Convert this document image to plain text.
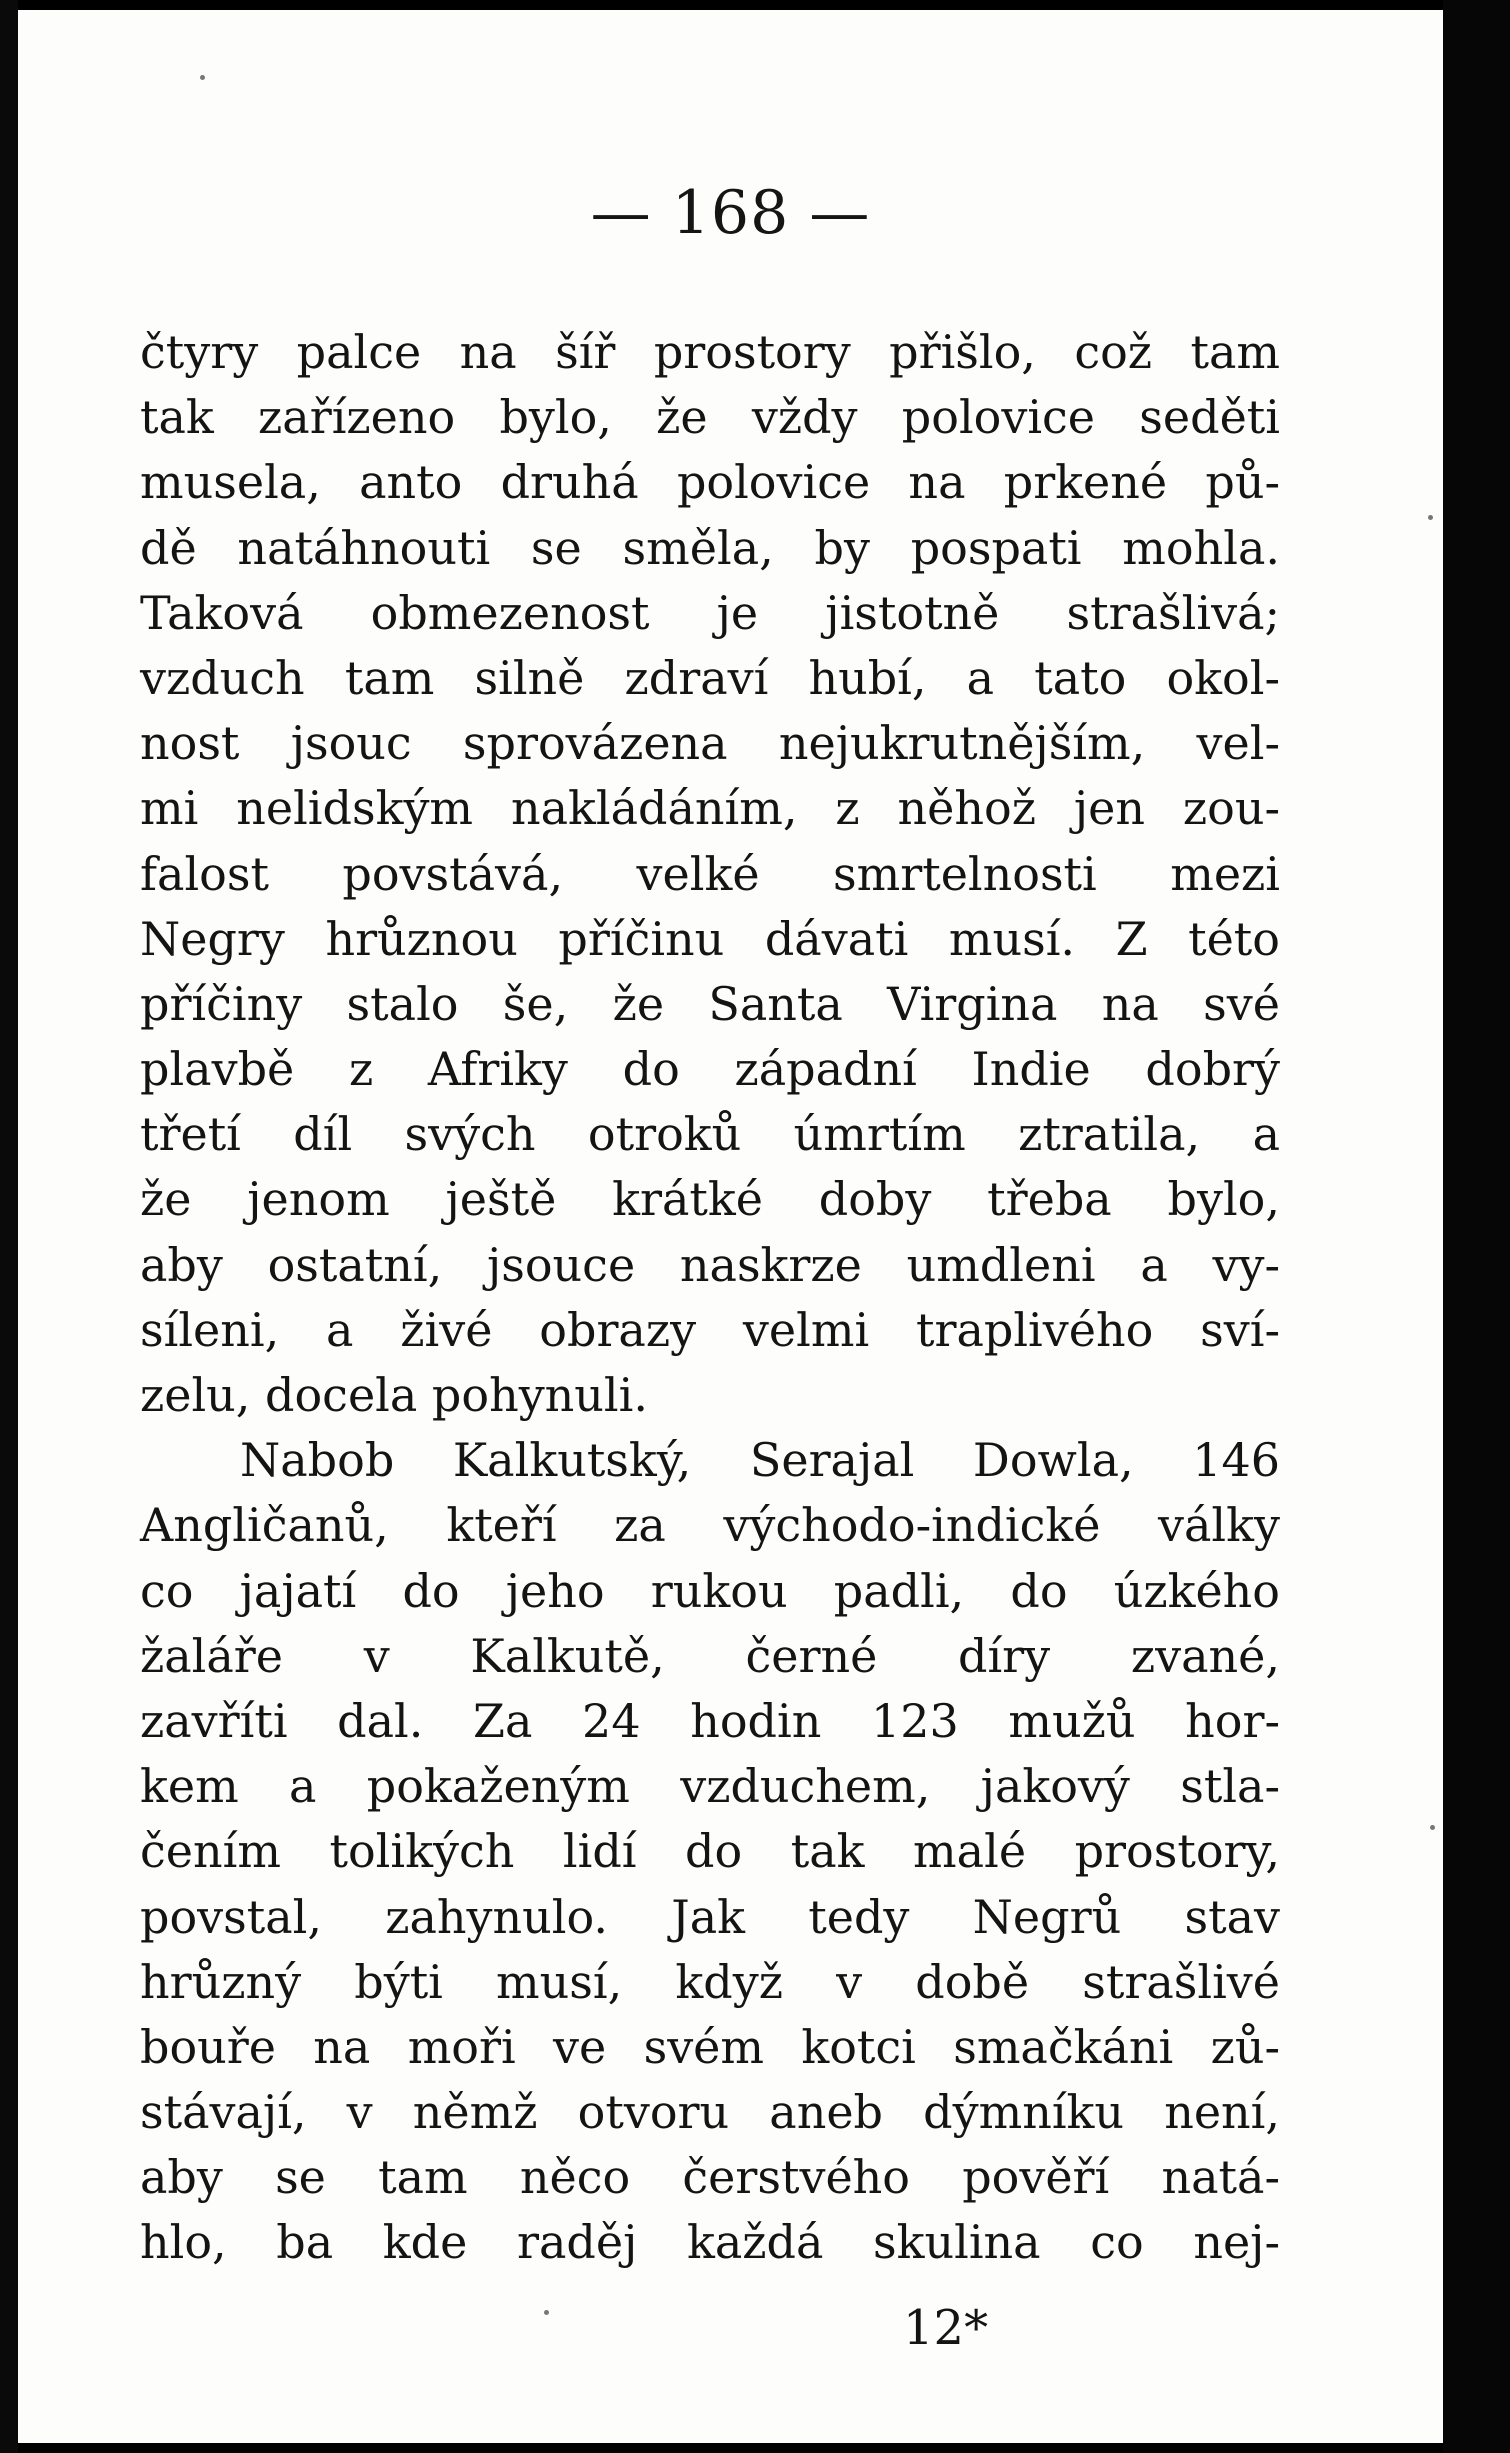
— 168 —
čtyry palce na šíř prostory přišlo, což tam
tak zařízeno bylo, že vždy polovice seděti
musela, anto druhá polovice na prkené pů-
dě natáhnouti se směla, by pospati mohla.
Taková obmezenost je jistotně strašlivá;
vzduch tam silně zdraví hubí, a tato okol-
nost jsouc sprovázena nejukrutnějším, vel-
mi nelidským nakládáním, z něhož jen zou-
falost povstává, velké smrtelnosti mezi
Negry hrůznou příčinu dávati musí. Z této
příčiny stalo še, že Santa Virgina na své
plavbě z Afriky do západní Indie dobrý
třetí díl svých otroků úmrtím ztratila, a
že jenom ještě krátké doby třeba bylo,
aby ostatní, jsouce naskrze umdleni a vy-
síleni, a živé obrazy velmi traplivého sví-
zelu, docela pohynuli.
Nabob Kalkutský, Serajal Dowla, 146
Angličanů, kteří za východo-indické války
co jajatí do jeho rukou padli, do úzkého
žaláře v Kalkutě, černé díry zvané,
zavříti dal. Za 24 hodin 123 mužů hor-
kem a pokaženým vzduchem, jakový stla-
čením tolikých lidí do tak malé prostory,
povstal, zahynulo. Jak tedy Negrů stav
hrůzný býti musí, když v době strašlivé
bouře na moři ve svém kotci smačkáni zů-
stávají, v němž otvoru aneb dýmníku není,
aby se tam něco čerstvého pověří natá-
hlo, ba kde raděj každá skulina co nej-
12*
